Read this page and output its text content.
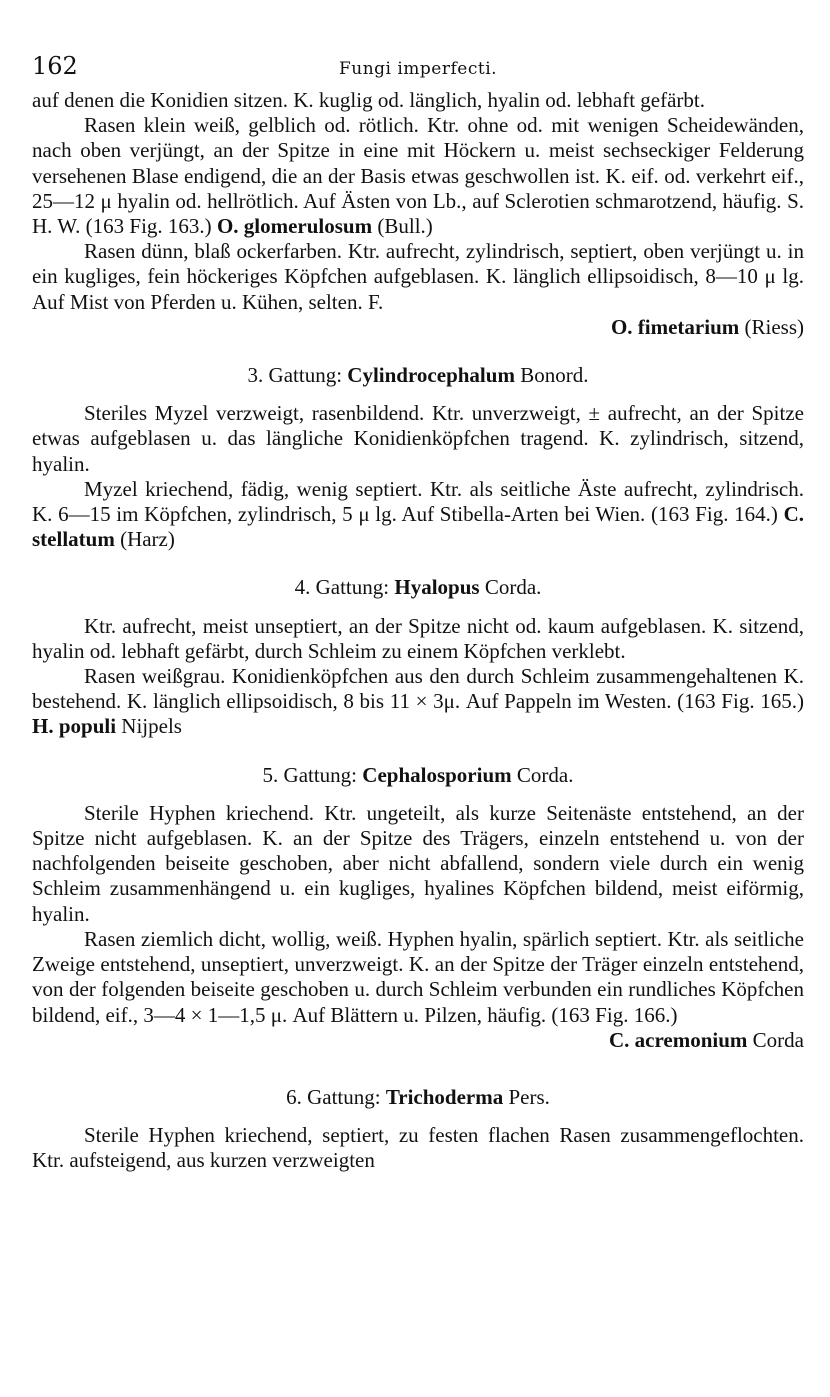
162	Fungi imperfecti.

auf denen die Konidien sitzen. K. kuglig od. länglich, hyalin od. lebhaft gefärbt.

Rasen klein weiß, gelblich od. rötlich. Ktr. ohne od. mit wenigen Scheidewänden, nach oben verjüngt, an der Spitze in eine mit Höckern u. meist sechseckiger Felderung versehenen Blase endigend, die an der Basis etwas geschwollen ist. K. eif. od. verkehrt eif., 25—12 μ hyalin od. hellrötlich. Auf Ästen von Lb., auf Sclerotien schmarotzend, häufig. S. H. W. (163 Fig. 163.) O. glomerulosum (Bull.)

Rasen dünn, blaß ockerfarben. Ktr. aufrecht, zylindrisch, septiert, oben verjüngt u. in ein kugliges, fein höckeriges Köpfchen aufgeblasen. K. länglich ellipsoidisch, 8—10 μ lg. Auf Mist von Pferden u. Kühen, selten. F.
O. fimetarium (Riess)

3. Gattung: Cylindrocephalum Bonord.

Steriles Myzel verzweigt, rasenbildend. Ktr. unverzweigt, ± aufrecht, an der Spitze etwas aufgeblasen u. das längliche Konidienköpfchen tragend. K. zylindrisch, sitzend, hyalin.

Myzel kriechend, fädig, wenig septiert. Ktr. als seitliche Äste aufrecht, zylindrisch. K. 6—15 im Köpfchen, zylindrisch, 5 μ lg. Auf Stibella-Arten bei Wien. (163 Fig. 164.) C. stellatum (Harz)

4. Gattung: Hyalopus Corda.

Ktr. aufrecht, meist unseptiert, an der Spitze nicht od. kaum aufgeblasen. K. sitzend, hyalin od. lebhaft gefärbt, durch Schleim zu einem Köpfchen verklebt.

Rasen weißgrau. Konidienköpfchen aus den durch Schleim zusammengehaltenen K. bestehend. K. länglich ellipsoidisch, 8 bis 11 × 3μ. Auf Pappeln im Westen. (163 Fig. 165.) H. populi Nijpels

5. Gattung: Cephalosporium Corda.

Sterile Hyphen kriechend. Ktr. ungeteilt, als kurze Seitenäste entstehend, an der Spitze nicht aufgeblasen. K. an der Spitze des Trägers, einzeln entstehend u. von der nachfolgenden beiseite geschoben, aber nicht abfallend, sondern viele durch ein wenig Schleim zusammenhängend u. ein kugliges, hyalines Köpfchen bildend, meist eiförmig, hyalin.

Rasen ziemlich dicht, wollig, weiß. Hyphen hyalin, spärlich septiert. Ktr. als seitliche Zweige entstehend, unseptiert, unverzweigt. K. an der Spitze der Träger einzeln entstehend, von der folgenden beiseite geschoben u. durch Schleim verbunden ein rundliches Köpfchen bildend, eif., 3—4 × 1—1,5 μ. Auf Blättern u. Pilzen, häufig. (163 Fig. 166.)
C. acremonium Corda

6. Gattung: Trichoderma Pers.

Sterile Hyphen kriechend, septiert, zu festen flachen Rasen zusammengeflochten. Ktr. aufsteigend, aus kurzen verzweigten
